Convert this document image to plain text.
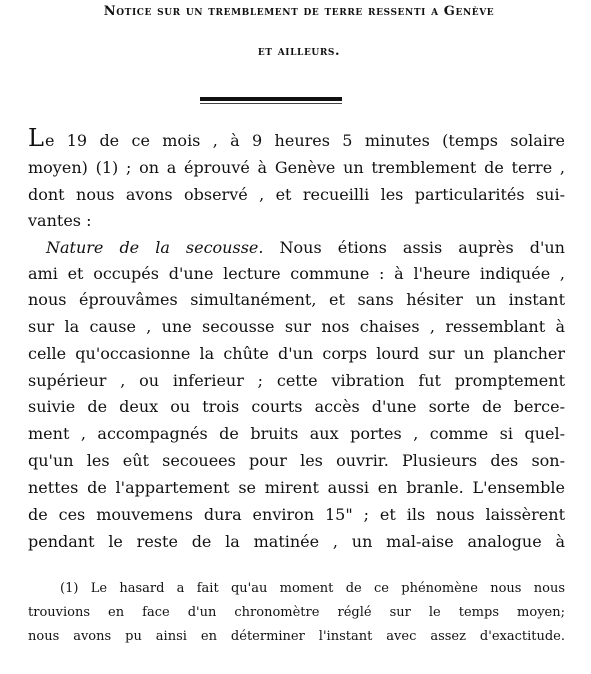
Notice sur un tremblement de terre ressenti a Genève
et ailleurs.
Le 19 de ce mois , à 9 heures 5 minutes (temps solaire
moyen) (1) ; on a éprouvé à Genève un tremblement de terre ,
dont nous avons observé , et recueilli les particularités sui-
vantes :
Nature de la secousse. Nous étions assis auprès d'un
ami et occupés d'une lecture commune : à l'heure indiquée ,
nous éprouvâmes simultanément, et sans hésiter un instant
sur la cause , une secousse sur nos chaises , ressemblant à
celle qu'occasionne la chûte d'un corps lourd sur un plancher
supérieur , ou inferieur ; cette vibration fut promptement
suivie de deux ou trois courts accès d'une sorte de berce-
ment , accompagnés de bruits aux portes , comme si quel-
qu'un les eût secouees pour les ouvrir. Plusieurs des son-
nettes de l'appartement se mirent aussi en branle. L'ensemble
de ces mouvemens dura environ 15" ; et ils nous laissèrent
pendant le reste de la matinée , un mal-aise analogue à
(1) Le hasard a fait qu'au moment de ce phénomène nous nous
trouvions en face d'un chronomètre réglé sur le temps moyen;
nous avons pu ainsi en déterminer l'instant avec assez d'exactitude.
